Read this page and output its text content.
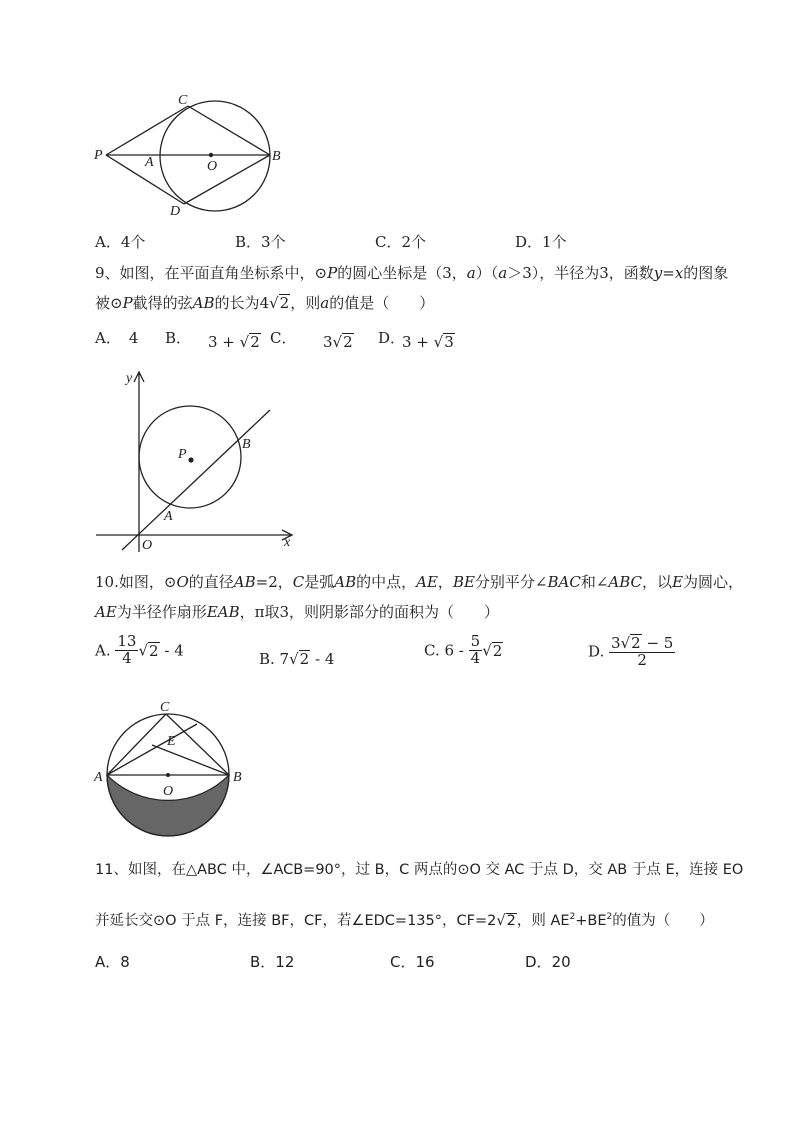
C
P	A	O
B
D
A．4个	B．3个	C．2个	D．1个
9、如图，在平面直角坐标系中，⊙P的圆心坐标是（3，a）（a＞3），半径为3，函数y=x的图象
被⊙P截得的弦AB的长为4√2，则a的值是（　　）
A． 4 B． 3 + √2 C． 3√2 D．
3 + √3
y
x
O
P
A
B
10.如图，⊙O的直径AB=2，C是弧AB的中点，AE，BE分别平分∠BAC和∠ABC，以E为圆心，
AE为半径作扇形EAB，π取3，则阴影部分的面积为（　　）
A. $\frac{13}{4} √2 - 4$	B. 7√2 - 4	C. $6 - \frac{5}{4} √2$	D. $\frac{3√2 - 5}{2}$
C
E
A
O
B
11、如图，在△ABC 中，∠ACB=90°，过 B，C 两点的⊙O 交 AC 于点 D，交 AB 于点 E，连接 EO
并延长交⊙O 于点 F，连接 BF，CF，若∠EDC=135°，CF=2√2，则 $AE^2+BE^2$的值为（　　）
A．8	B．12	C．16	D．20
